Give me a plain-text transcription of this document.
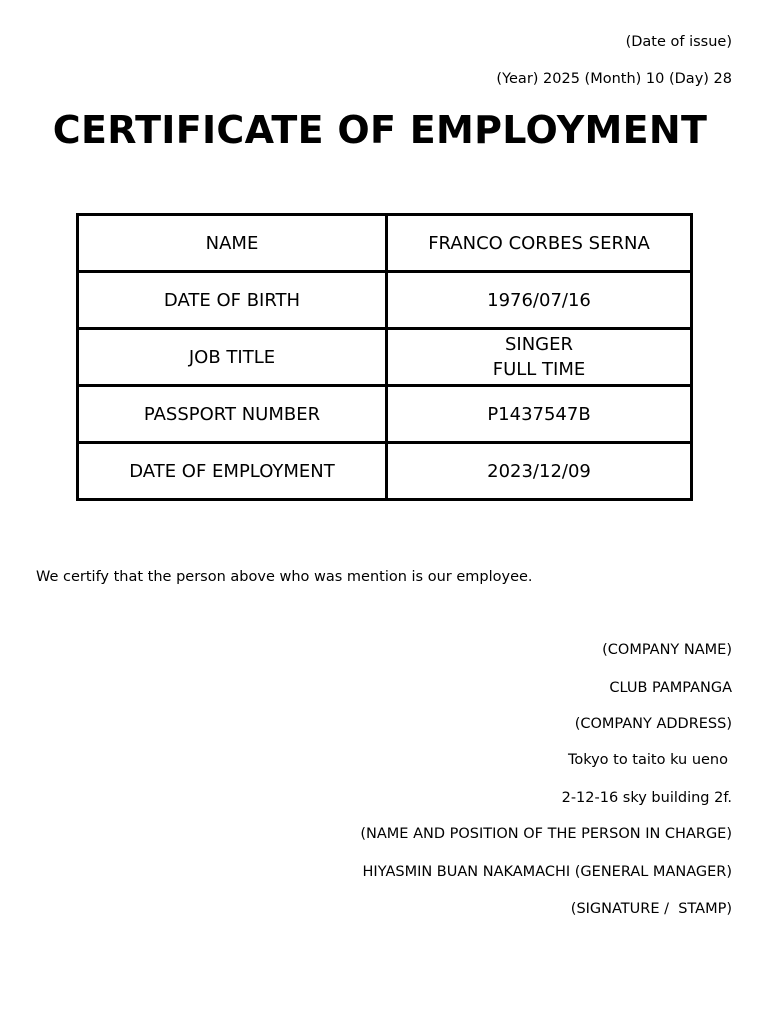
(Date of issue)
(Year) 2025 (Month) 10 (Day) 28
CERTIFICATE OF EMPLOYMENT
NAME	FRANCO CORBES SERNA
DATE OF BIRTH	1976/07/16
JOB TITLE	SINGER
FULL TIME

PASSPORT NUMBER	P1437547B
DATE OF EMPLOYMENT	2023/12/09
We certify that the person above who was mention is our employee.
(COMPANY NAME)
CLUB PAMPANGA
(COMPANY ADDRESS)
Tokyo to taito ku ueno
2-12-16 sky building 2f.
(NAME AND POSITION OF THE PERSON IN CHARGE)
HIYASMIN BUAN NAKAMACHI (GENERAL MANAGER)
(SIGNATURE /  STAMP)
